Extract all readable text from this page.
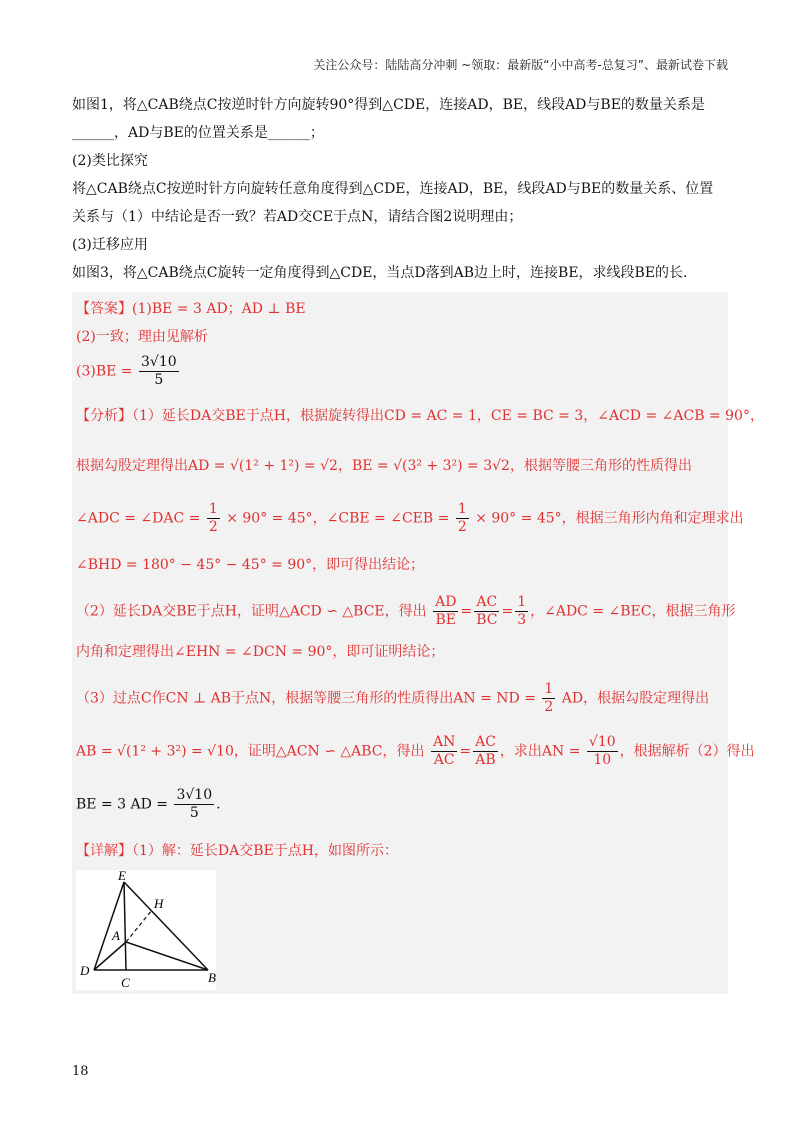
关注公众号：陆陆高分冲刺 ~领取：最新版“小中高考-总复习”、最新试卷下载
如图1，将△CAB绕点C按逆时针方向旋转90°得到△CDE，连接AD，BE，线段AD与BE的数量关系是
______，AD与BE的位置关系是______；
(2)类比探究
将△CAB绕点C按逆时针方向旋转任意角度得到△CDE，连接AD，BE，线段AD与BE的数量关系、位置
关系与（1）中结论是否一致？若AD交CE于点N，请结合图2说明理由；
(3)迁移应用
如图3，将△CAB绕点C旋转一定角度得到△CDE，当点D落到AB边上时，连接BE，求线段BE的长.
【答案】(1)BE = 3 AD；AD ⊥ BE
(2)一致；理由见解析
$(3)BE = \frac{3√10}{5}$
【分析】（1）延长DA交BE于点H，根据旋转得出CD = AC = 1，CE = BC = 3，∠ACD = ∠ACB = 90°，
根据勾股定理得出AD = √(1² + 1²) = √2，BE = √(3² + 3²) = 3√2，根据等腰三角形的性质得出
∠ADC = ∠DAC = $\frac{1}{2} \times 90^\circ = 45^\circ$，∠CBE = ∠CEB = $\frac{1}{2} \times 90^\circ = 45^\circ$，根据三角形内角和定理求出
∠BHD = 180° − 45° − 45° = 90°，即可得出结论；
（2）延长DA交BE于点H，证明△ACD ∽ △BCE，得出 $\frac{AD}{BE} = \frac{AC}{BC} = \frac{1}{3}$ ，∠ADC = ∠BEC，根据三角形
内角和定理得出∠EHN = ∠DCN = 90°，即可证明结论；
（3）过点C作CN ⊥ AB于点N，根据等腰三角形的性质得出AN = ND = $\frac{1}{2}$ AD，根据勾股定理得出
AB = √(1² + 3²) = √10，证明△ACN ∽ △ABC，得出 $\frac{AN}{AC} = \frac{AC}{AB}$ ，求出AN = $\frac{√10}{10}$ ，根据解析（2）得出
BE = 3 AD = $\frac{3√10}{5}$ .
【详解】（1）解：延长DA交BE于点H，如图所示：
E
H
A
D
C	B
18
